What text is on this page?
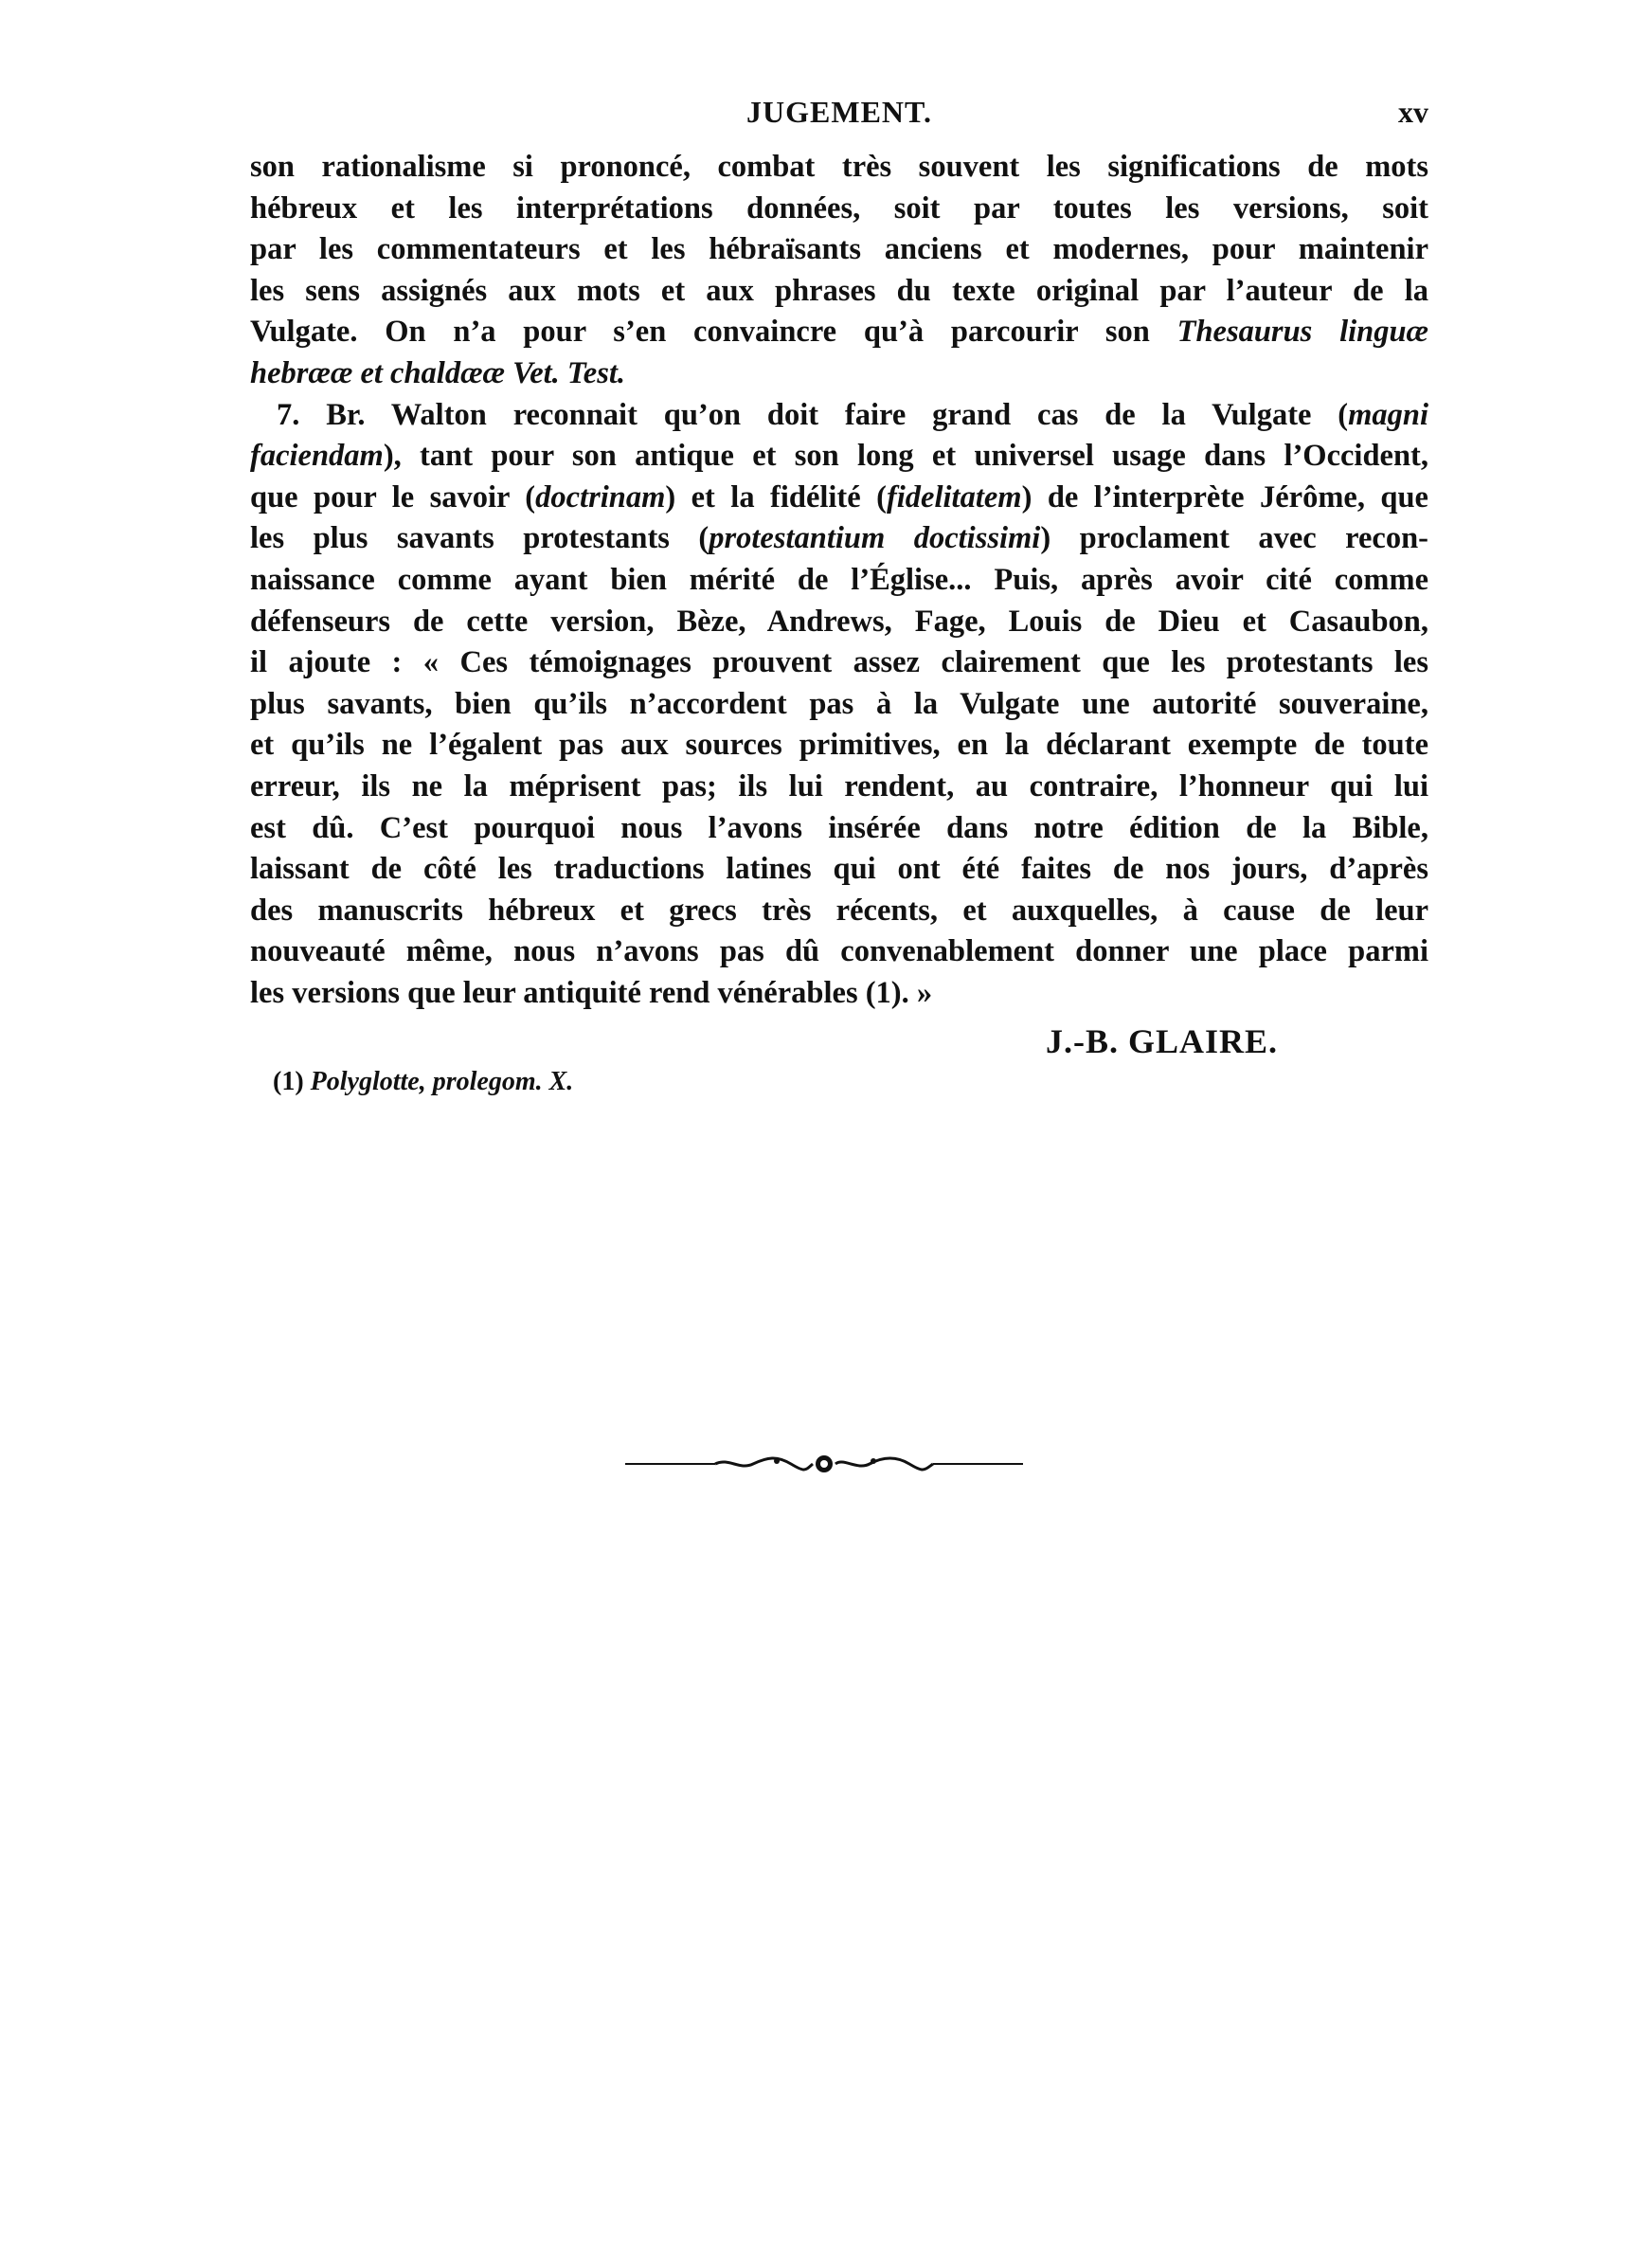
JUGEMENT.	xv
son rationalisme si prononcé, combat très souvent les significations de mots
hébreux et les interprétations données, soit par toutes les versions, soit
par les commentateurs et les hébraïsants anciens et modernes, pour maintenir
les sens assignés aux mots et aux phrases du texte original par l’auteur de la
Vulgate. On n’a pour s’en convaincre qu’à parcourir son Thesaurus linguæ
hebrææ et chaldææ Vet. Test.
7. Br. Walton reconnait qu’on doit faire grand cas de la Vulgate (magni
faciendam), tant pour son antique et son long et universel usage dans l’Occident,
que pour le savoir (doctrinam) et la fidélité (fidelitatem) de l’interprète Jérôme, que
les plus savants protestants (protestantium doctissimi) proclament avec recon-
naissance comme ayant bien mérité de l’Église... Puis, après avoir cité comme
défenseurs de cette version, Bèze, Andrews, Fage, Louis de Dieu et Casaubon,
il ajoute : « Ces témoignages prouvent assez clairement que les protestants les
plus savants, bien qu’ils n’accordent pas à la Vulgate une autorité souveraine,
et qu’ils ne l’égalent pas aux sources primitives, en la déclarant exempte de toute
erreur, ils ne la méprisent pas; ils lui rendent, au contraire, l’honneur qui lui
est dû. C’est pourquoi nous l’avons insérée dans notre édition de la Bible,
laissant de côté les traductions latines qui ont été faites de nos jours, d’après
des manuscrits hébreux et grecs très récents, et auxquelles, à cause de leur
nouveauté même, nous n’avons pas dû convenablement donner une place parmi
les versions que leur antiquité rend vénérables (1). »
J.-B. GLAIRE.
(1) Polyglotte, prolegom. X.
